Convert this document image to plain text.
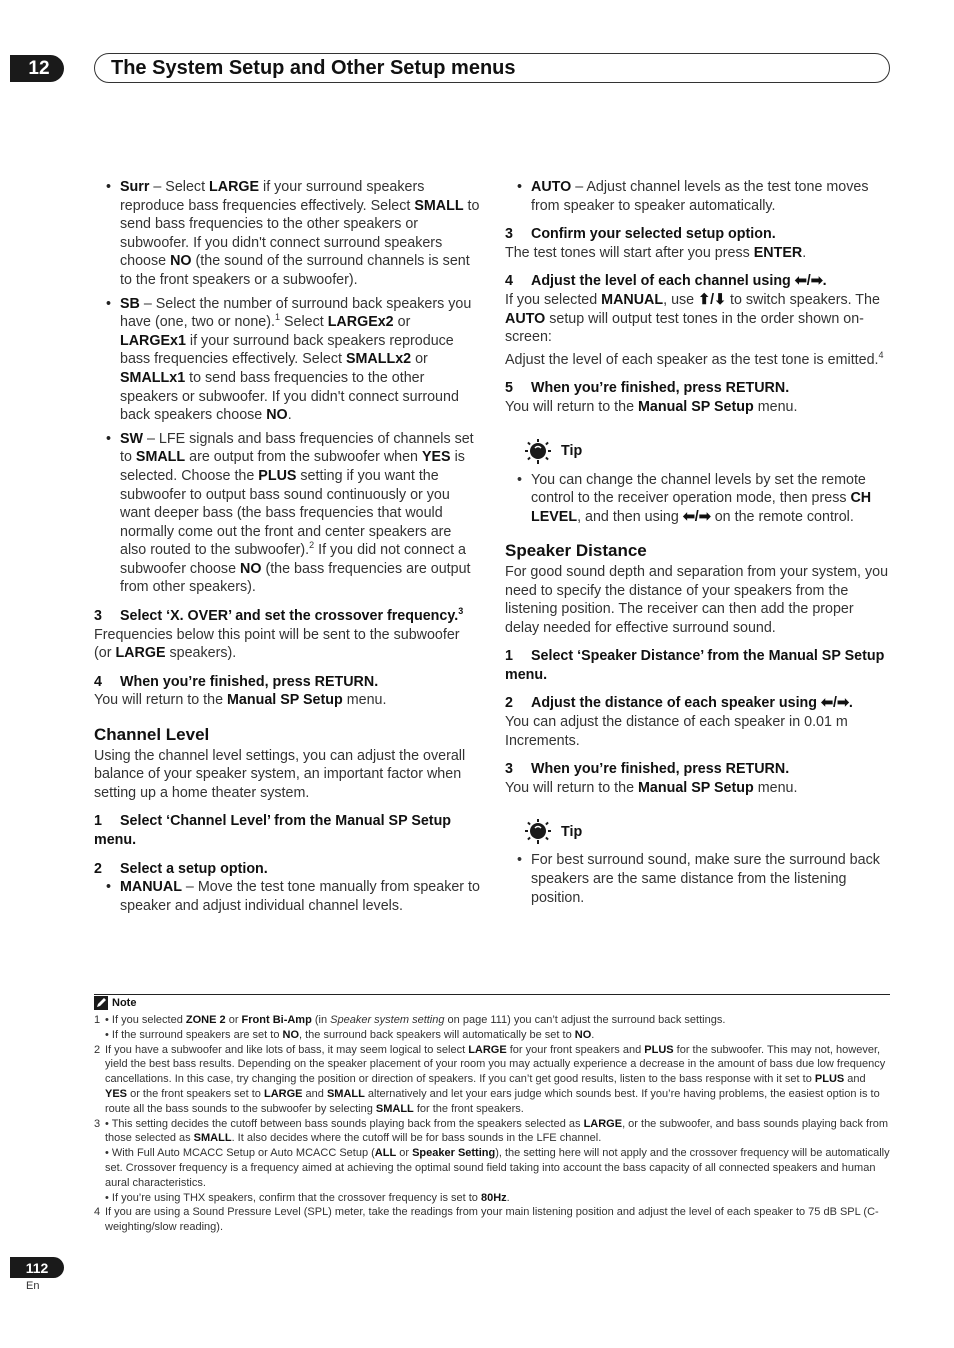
12	The System Setup and Other Setup menus
• Surr – Select LARGE if your surround speakers reproduce bass frequencies effectively. Select SMALL to send bass frequencies to the other speakers or subwoofer. If you didn't connect surround speakers choose NO (the sound of the surround channels is sent to the front speakers or a subwoofer).
• SB – Select the number of surround back speakers you have (one, two or none).$^1$ Select LARGEx2 or LARGEx1 if your surround back speakers reproduce bass frequencies effectively. Select SMALLx2 or SMALLx1 to send bass frequencies to the other speakers or subwoofer. If you didn't connect surround back speakers choose NO.
• SW – LFE signals and bass frequencies of channels set to SMALL are output from the subwoofer when YES is selected. Choose the PLUS setting if you want the subwoofer to output bass sound continuously or you want deeper bass (the bass frequencies that would normally come out the front and center speakers are also routed to the subwoofer).$^2$ If you did not connect a subwoofer choose NO (the bass frequencies are output from other speakers).
3 Select ‘X. OVER’ and set the crossover frequency.$^3$

Frequencies below this point will be sent to the subwoofer (or LARGE speakers).

4 When you’re finished, press RETURN.

You will return to the Manual SP Setup menu.

Channel Level

Using the channel level settings, you can adjust the overall balance of your speaker system, an important factor when setting up a home theater system.

1 Select ‘Channel Level’ from the Manual SP Setup menu.
2 Select a setup option.
• MANUAL – Move the test tone manually from speaker to speaker and adjust individual channel levels.
• AUTO – Adjust channel levels as the test tone moves from speaker to speaker automatically.
3 Confirm your selected setup option.

The test tones will start after you press ENTER.

4 Adjust the level of each channel using ⬅/➡.

If you selected MANUAL, use ⬆/⬇ to switch speakers. The AUTO setup will output test tones in the order shown on-screen:

Adjust the level of each speaker as the test tone is emitted.$^4$

5 When you’re finished, press RETURN.

You will return to the Manual SP Setup menu.

Tip
• You can change the channel levels by set the remote control to the receiver operation mode, then press CH LEVEL, and then using ⬅/➡ on the remote control.
Speaker Distance

For good sound depth and separation from your system, you need to specify the distance of your speakers from the listening position. The receiver can then add the proper delay needed for effective surround sound.

1 Select ‘Speaker Distance’ from the Manual SP Setup menu.
2 Adjust the distance of each speaker using ⬅/➡.

You can adjust the distance of each speaker in 0.01 m Increments.

3 When you’re finished, press RETURN.

You will return to the Manual SP Setup menu.

Tip
• For best surround sound, make sure the surround back speakers are the same distance from the listening position.
Note
1 • If you selected ZONE 2 or Front Bi-Amp (in Speaker system setting on page 111) you can’t adjust the surround back settings.
• If the surround speakers are set to NO, the surround back speakers will automatically be set to NO.
2 If you have a subwoofer and like lots of bass, it may seem logical to select LARGE for your front speakers and PLUS for the subwoofer. This may not, however, yield the best bass results. Depending on the speaker placement of your room you may actually experience a decrease in the amount of bass due low frequency cancellations. In this case, try changing the position or direction of speakers. If you can’t get good results, listen to the bass response with it set to PLUS and YES or the front speakers set to LARGE and SMALL alternatively and let your ears judge which sounds best. If you’re having problems, the easiest option is to route all the bass sounds to the subwoofer by selecting SMALL for the front speakers.
3 • This setting decides the cutoff between bass sounds playing back from the speakers selected as LARGE, or the subwoofer, and bass sounds playing back from those selected as SMALL. It also decides where the cutoff will be for bass sounds in the LFE channel.
• With Full Auto MCACC Setup or Auto MCACC Setup (ALL or Speaker Setting), the setting here will not apply and the crossover frequency will be automatically set. Crossover frequency is a frequency aimed at achieving the optimal sound field taking into account the bass capacity of all connected speakers and human aural characteristics.
• If you’re using THX speakers, confirm that the crossover frequency is set to 80Hz.
4 If you are using a Sound Pressure Level (SPL) meter, take the readings from your main listening position and adjust the level of each speaker to 75 dB SPL (C-weighting/slow reading).
112
En
